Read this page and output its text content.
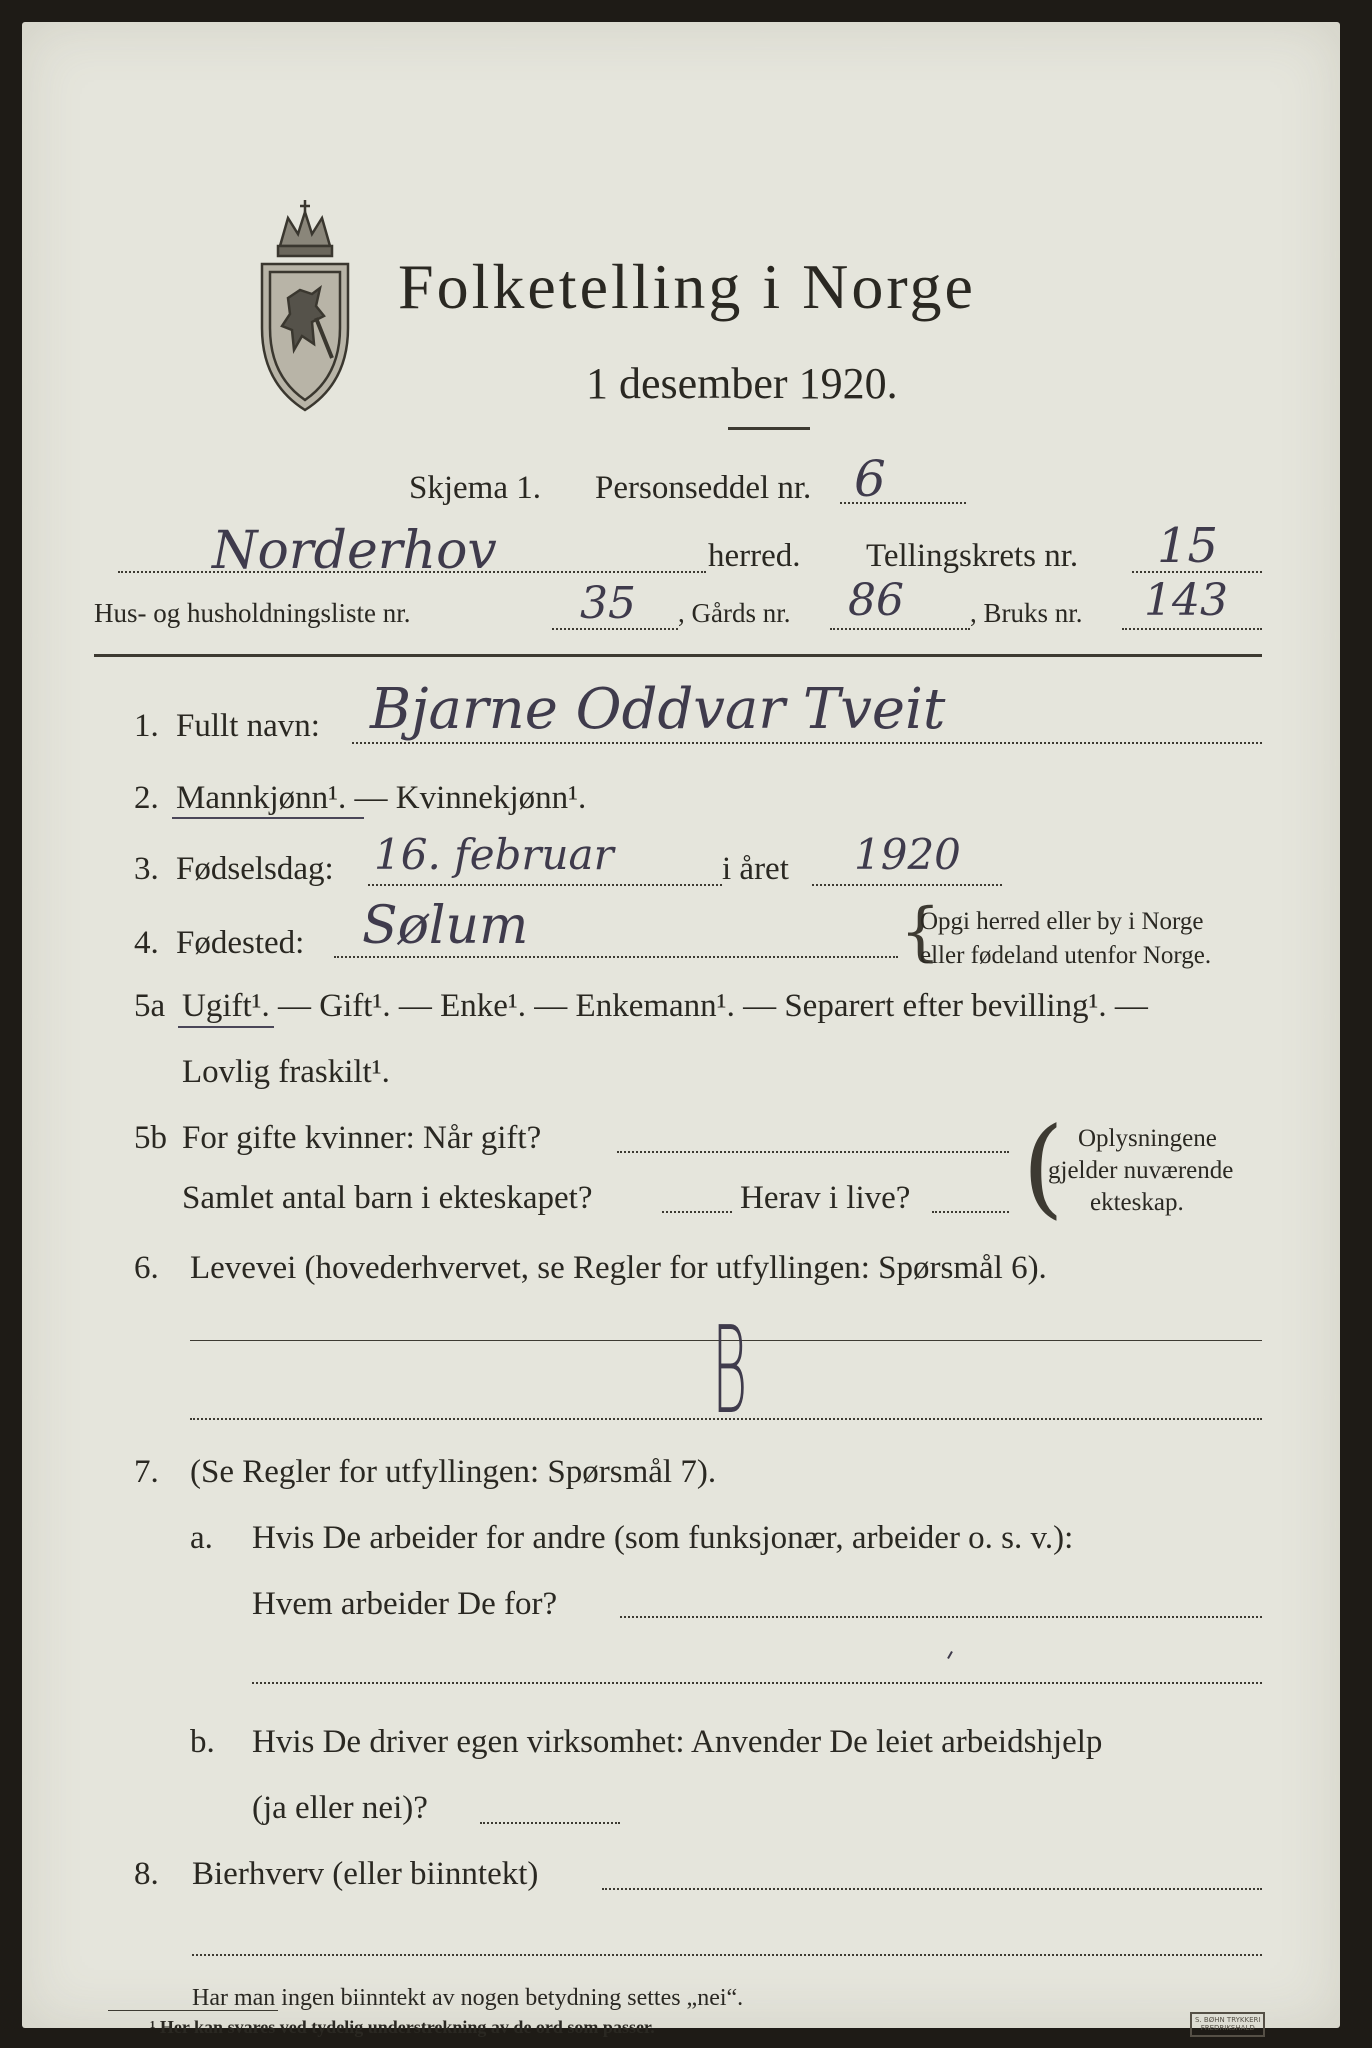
Folketelling i Norge
1 desember 1920.
Skjema 1. Personseddel nr. 6
Norderhov	herred. Tellingskrets nr. 15
Hus- og husholdningsliste nr.	35 , Gårds nr. 86 , Bruks nr. 143
1. Fullt navn: Bjarne Oddvar Tveit
2. Mannkjønn¹. — Kvinnekjønn¹.
3. Fødselsdag: 16. februar	i året 1920
4. Fødested: Sølum	{
Opgi herred eller by i Norge
eller fødeland utenfor Norge.
5a Ugift¹. — Gift¹. — Enke¹. — Enkemann¹. — Separert efter bevilling¹. —
Lovlig fraskilt¹.
5b For gifte kvinner: Når gift?
Samlet antal barn i ekteskapet?	Herav i live? ( Oplysningene
gjelder nuværende
ekteskap.
6. Levevei (hovederhvervet, se Regler for utfyllingen: Spørsmål 6).
B
7. (Se Regler for utfyllingen: Spørsmål 7).
a. Hvis De arbeider for andre (som funksjonær, arbeider o. s. v.):
Hvem arbeider De for?
b. Hvis De driver egen virksomhet: Anvender De leiet arbeidshjelp
(ja eller nei)?
8. Bierhverv (eller biinntekt)
Har man ingen biinntekt av nogen betydning settes „nei“.
¹ Her kan svares ved tydelig understrekning av de ord som passer.	S. BØHN TRYKKERI
FREDRIKSHALD
